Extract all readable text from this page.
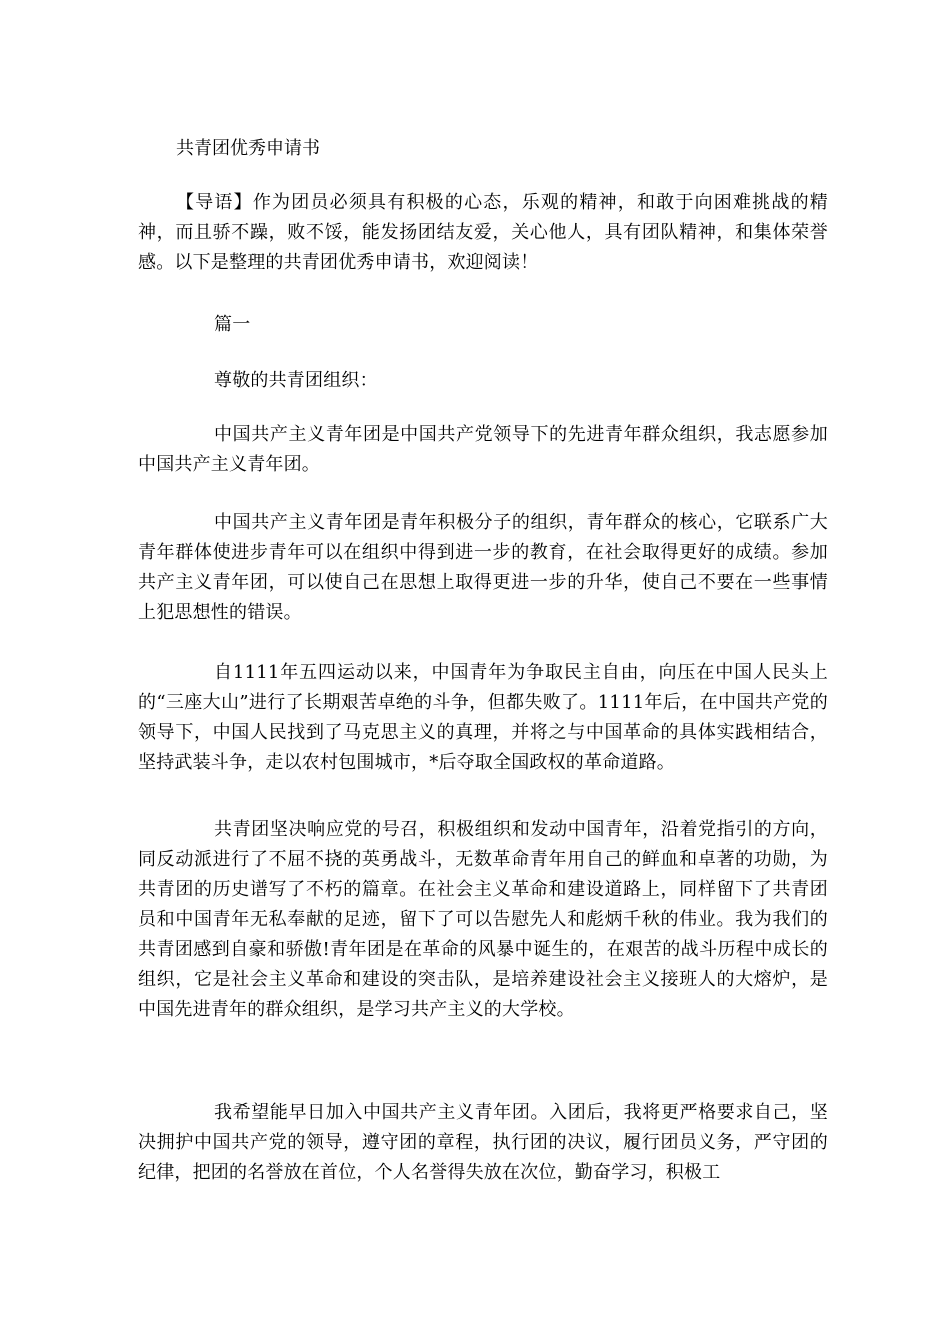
共青团优秀申请书
【导语】作为团员必须具有积极的心态，乐观的精神，和敢于向困难挑战的精神，而且骄不躁，败不馁，能发扬团结友爱，关心他人，具有团队精神，和集体荣誉感。以下是整理的共青团优秀申请书，欢迎阅读！
篇一
尊敬的共青团组织：
中国共产主义青年团是中国共产党领导下的先进青年群众组织，我志愿参加中国共产主义青年团。
中国共产主义青年团是青年积极分子的组织，青年群众的核心，它联系广大青年群体使进步青年可以在组织中得到进一步的教育，在社会取得更好的成绩。参加共产主义青年团，可以使自己在思想上取得更进一步的升华，使自己不要在一些事情上犯思想性的错误。
自1111年五四运动以来，中国青年为争取民主自由，向压在中国人民头上的“三座大山”进行了长期艰苦卓绝的斗争，但都失败了。1111年后，在中国共产党的领导下，中国人民找到了马克思主义的真理，并将之与中国革命的具体实践相结合，坚持武装斗争，走以农村包围城市，*后夺取全国政权的革命道路。
共青团坚决响应党的号召，积极组织和发动中国青年，沿着党指引的方向，同反动派进行了不屈不挠的英勇战斗，无数革命青年用自己的鲜血和卓著的功勋，为共青团的历史谱写了不朽的篇章。在社会主义革命和建设道路上，同样留下了共青团员和中国青年无私奉献的足迹，留下了可以告慰先人和彪炳千秋的伟业。我为我们的共青团感到自豪和骄傲!青年团是在革命的风暴中诞生的，在艰苦的战斗历程中成长的组织，它是社会主义革命和建设的突击队，是培养建设社会主义接班人的大熔炉，是中国先进青年的群众组织，是学习共产主义的大学校。
我希望能早日加入中国共产主义青年团。入团后，我将更严格要求自己，坚决拥护中国共产党的领导，遵守团的章程，执行团的决议，履行团员义务，严守团的纪律，把团的名誉放在首位，个人名誉得失放在次位，勤奋学习，积极工
